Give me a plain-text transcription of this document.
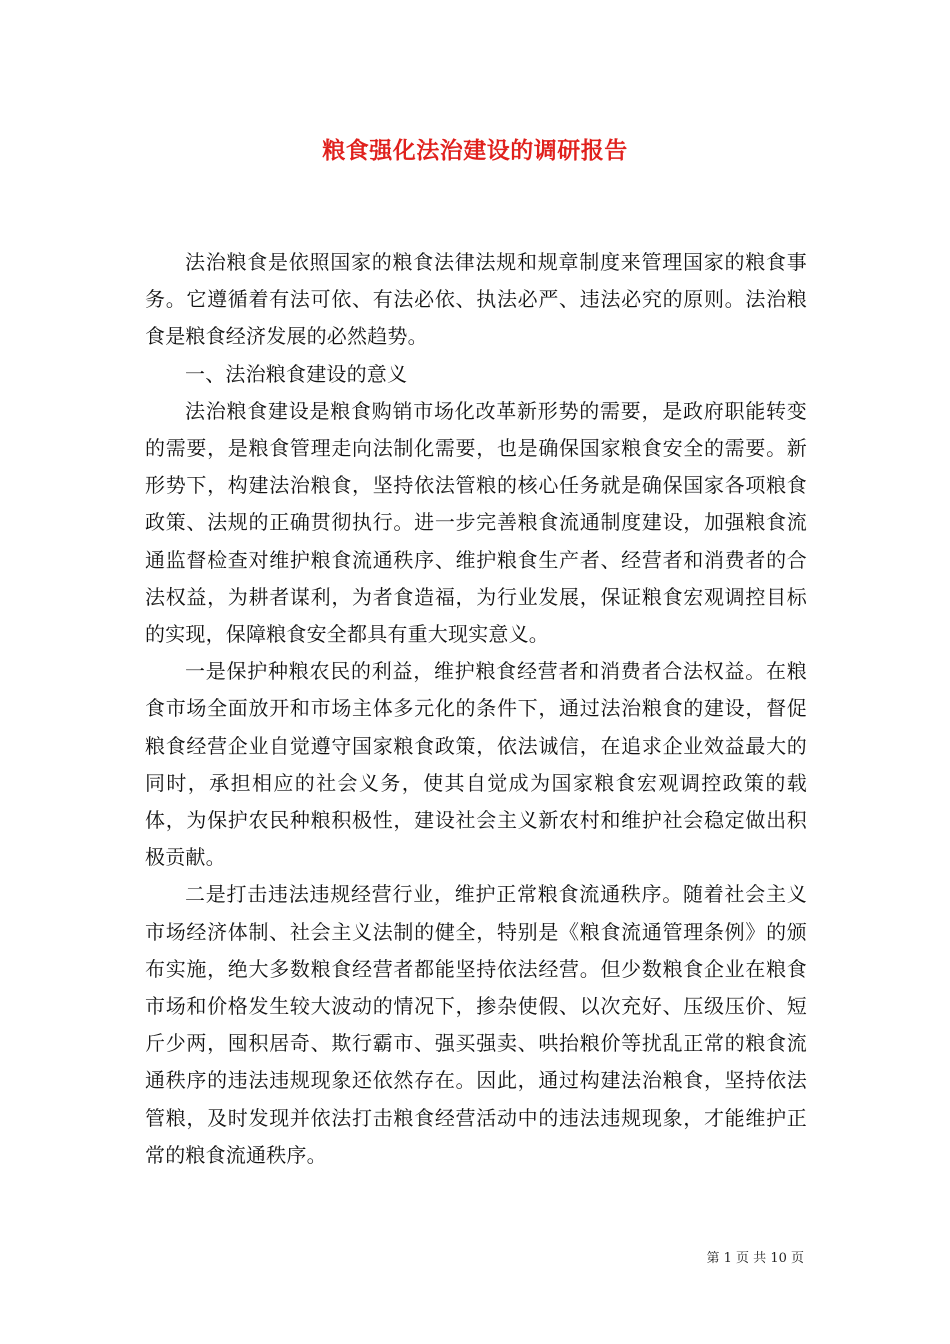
粮食强化法治建设的调研报告

法治粮食是依照国家的粮食法律法规和规章制度来管理国家的粮食事务。它遵循着有法可依、有法必依、执法必严、违法必究的原则。法治粮食是粮食经济发展的必然趋势。

一、法治粮食建设的意义

法治粮食建设是粮食购销市场化改革新形势的需要，是政府职能转变的需要，是粮食管理走向法制化需要，也是确保国家粮食安全的需要。新形势下，构建法治粮食，坚持依法管粮的核心任务就是确保国家各项粮食政策、法规的正确贯彻执行。进一步完善粮食流通制度建设，加强粮食流通监督检查对维护粮食流通秩序、维护粮食生产者、经营者和消费者的合法权益，为耕者谋利，为者食造福，为行业发展，保证粮食宏观调控目标的实现，保障粮食安全都具有重大现实意义。

一是保护种粮农民的利益，维护粮食经营者和消费者合法权益。在粮食市场全面放开和市场主体多元化的条件下，通过法治粮食的建设，督促粮食经营企业自觉遵守国家粮食政策，依法诚信，在追求企业效益最大的同时，承担相应的社会义务，使其自觉成为国家粮食宏观调控政策的载体，为保护农民种粮积极性，建设社会主义新农村和维护社会稳定做出积极贡献。

二是打击违法违规经营行业，维护正常粮食流通秩序。随着社会主义市场经济体制、社会主义法制的健全，特别是《粮食流通管理条例》的颁布实施，绝大多数粮食经营者都能坚持依法经营。但少数粮食企业在粮食市场和价格发生较大波动的情况下，掺杂使假、以次充好、压级压价、短斤少两，囤积居奇、欺行霸市、强买强卖、哄抬粮价等扰乱正常的粮食流通秩序的违法违规现象还依然存在。因此，通过构建法治粮食，坚持依法管粮，及时发现并依法打击粮食经营活动中的违法违规现象，才能维护正常的粮食流通秩序。

第 1 页 共 10 页
